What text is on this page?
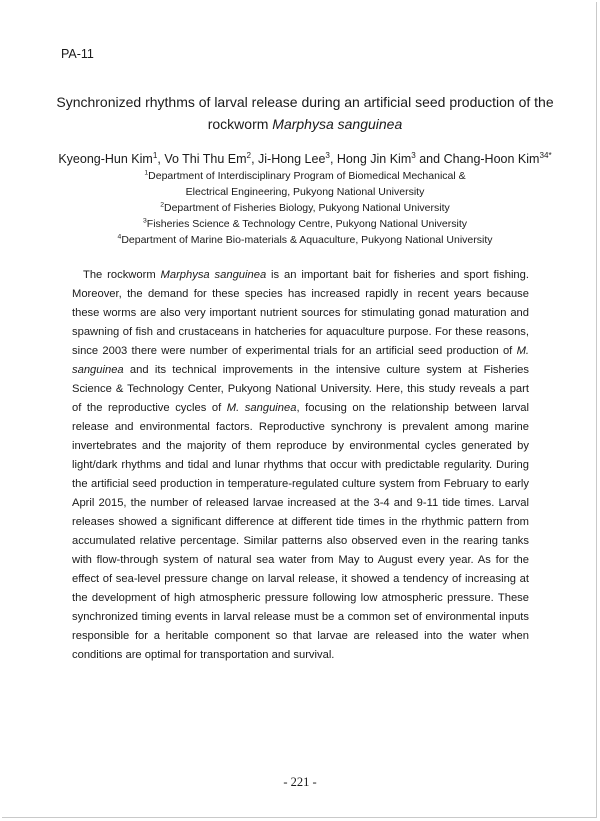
PA-11
Synchronized rhythms of larval release during an artificial seed production of the
rockworm Marphysa sanguinea
Kyeong-Hun Kim$^1$, Vo Thi Thu Em$^2$, Ji-Hong Lee$^3$, Hong Jin Kim$^3$ and Chang-Hoon Kim$^{34*}$
$^1$Department of Interdisciplinary Program of Biomedical Mechanical &
Electrical Engineering, Pukyong National University
$^2$Department of Fisheries Biology, Pukyong National University
$^3$Fisheries Science & Technology Centre, Pukyong National University
$^4$Department of Marine Bio-materials & Aquaculture, Pukyong National University

The rockworm Marphysa sanguinea is an important bait for fisheries and sport fishing. Moreover, the demand for these species has increased rapidly in recent years because these worms are also very important nutrient sources for stimulating gonad maturation and spawning of fish and crustaceans in hatcheries for aquaculture purpose. For these reasons, since 2003 there were number of experimental trials for an artificial seed production of M. sanguinea and its technical improvements in the intensive culture system at Fisheries Science & Technology Center, Pukyong National University. Here, this study reveals a part of the reproductive cycles of M. sanguinea, focusing on the relationship between larval release and environmental factors. Reproductive synchrony is prevalent among marine invertebrates and the majority of them reproduce by environmental cycles generated by light/dark rhythms and tidal and lunar rhythms that occur with predictable regularity. During the artificial seed production in temperature-regulated culture system from February to early April 2015, the number of released larvae increased at the 3-4 and 9-11 tide times. Larval releases showed a significant difference at different tide times in the rhythmic pattern from accumulated relative percentage. Similar patterns also observed even in the rearing tanks with flow-through system of natural sea water from May to August every year. As for the effect of sea-level pressure change on larval release, it showed a tendency of increasing at the development of high atmospheric pressure following low atmospheric pressure. These synchronized timing events in larval release must be a common set of environmental inputs responsible for a heritable component so that larvae are released into the water when conditions are optimal for transportation and survival.

- 221 -
